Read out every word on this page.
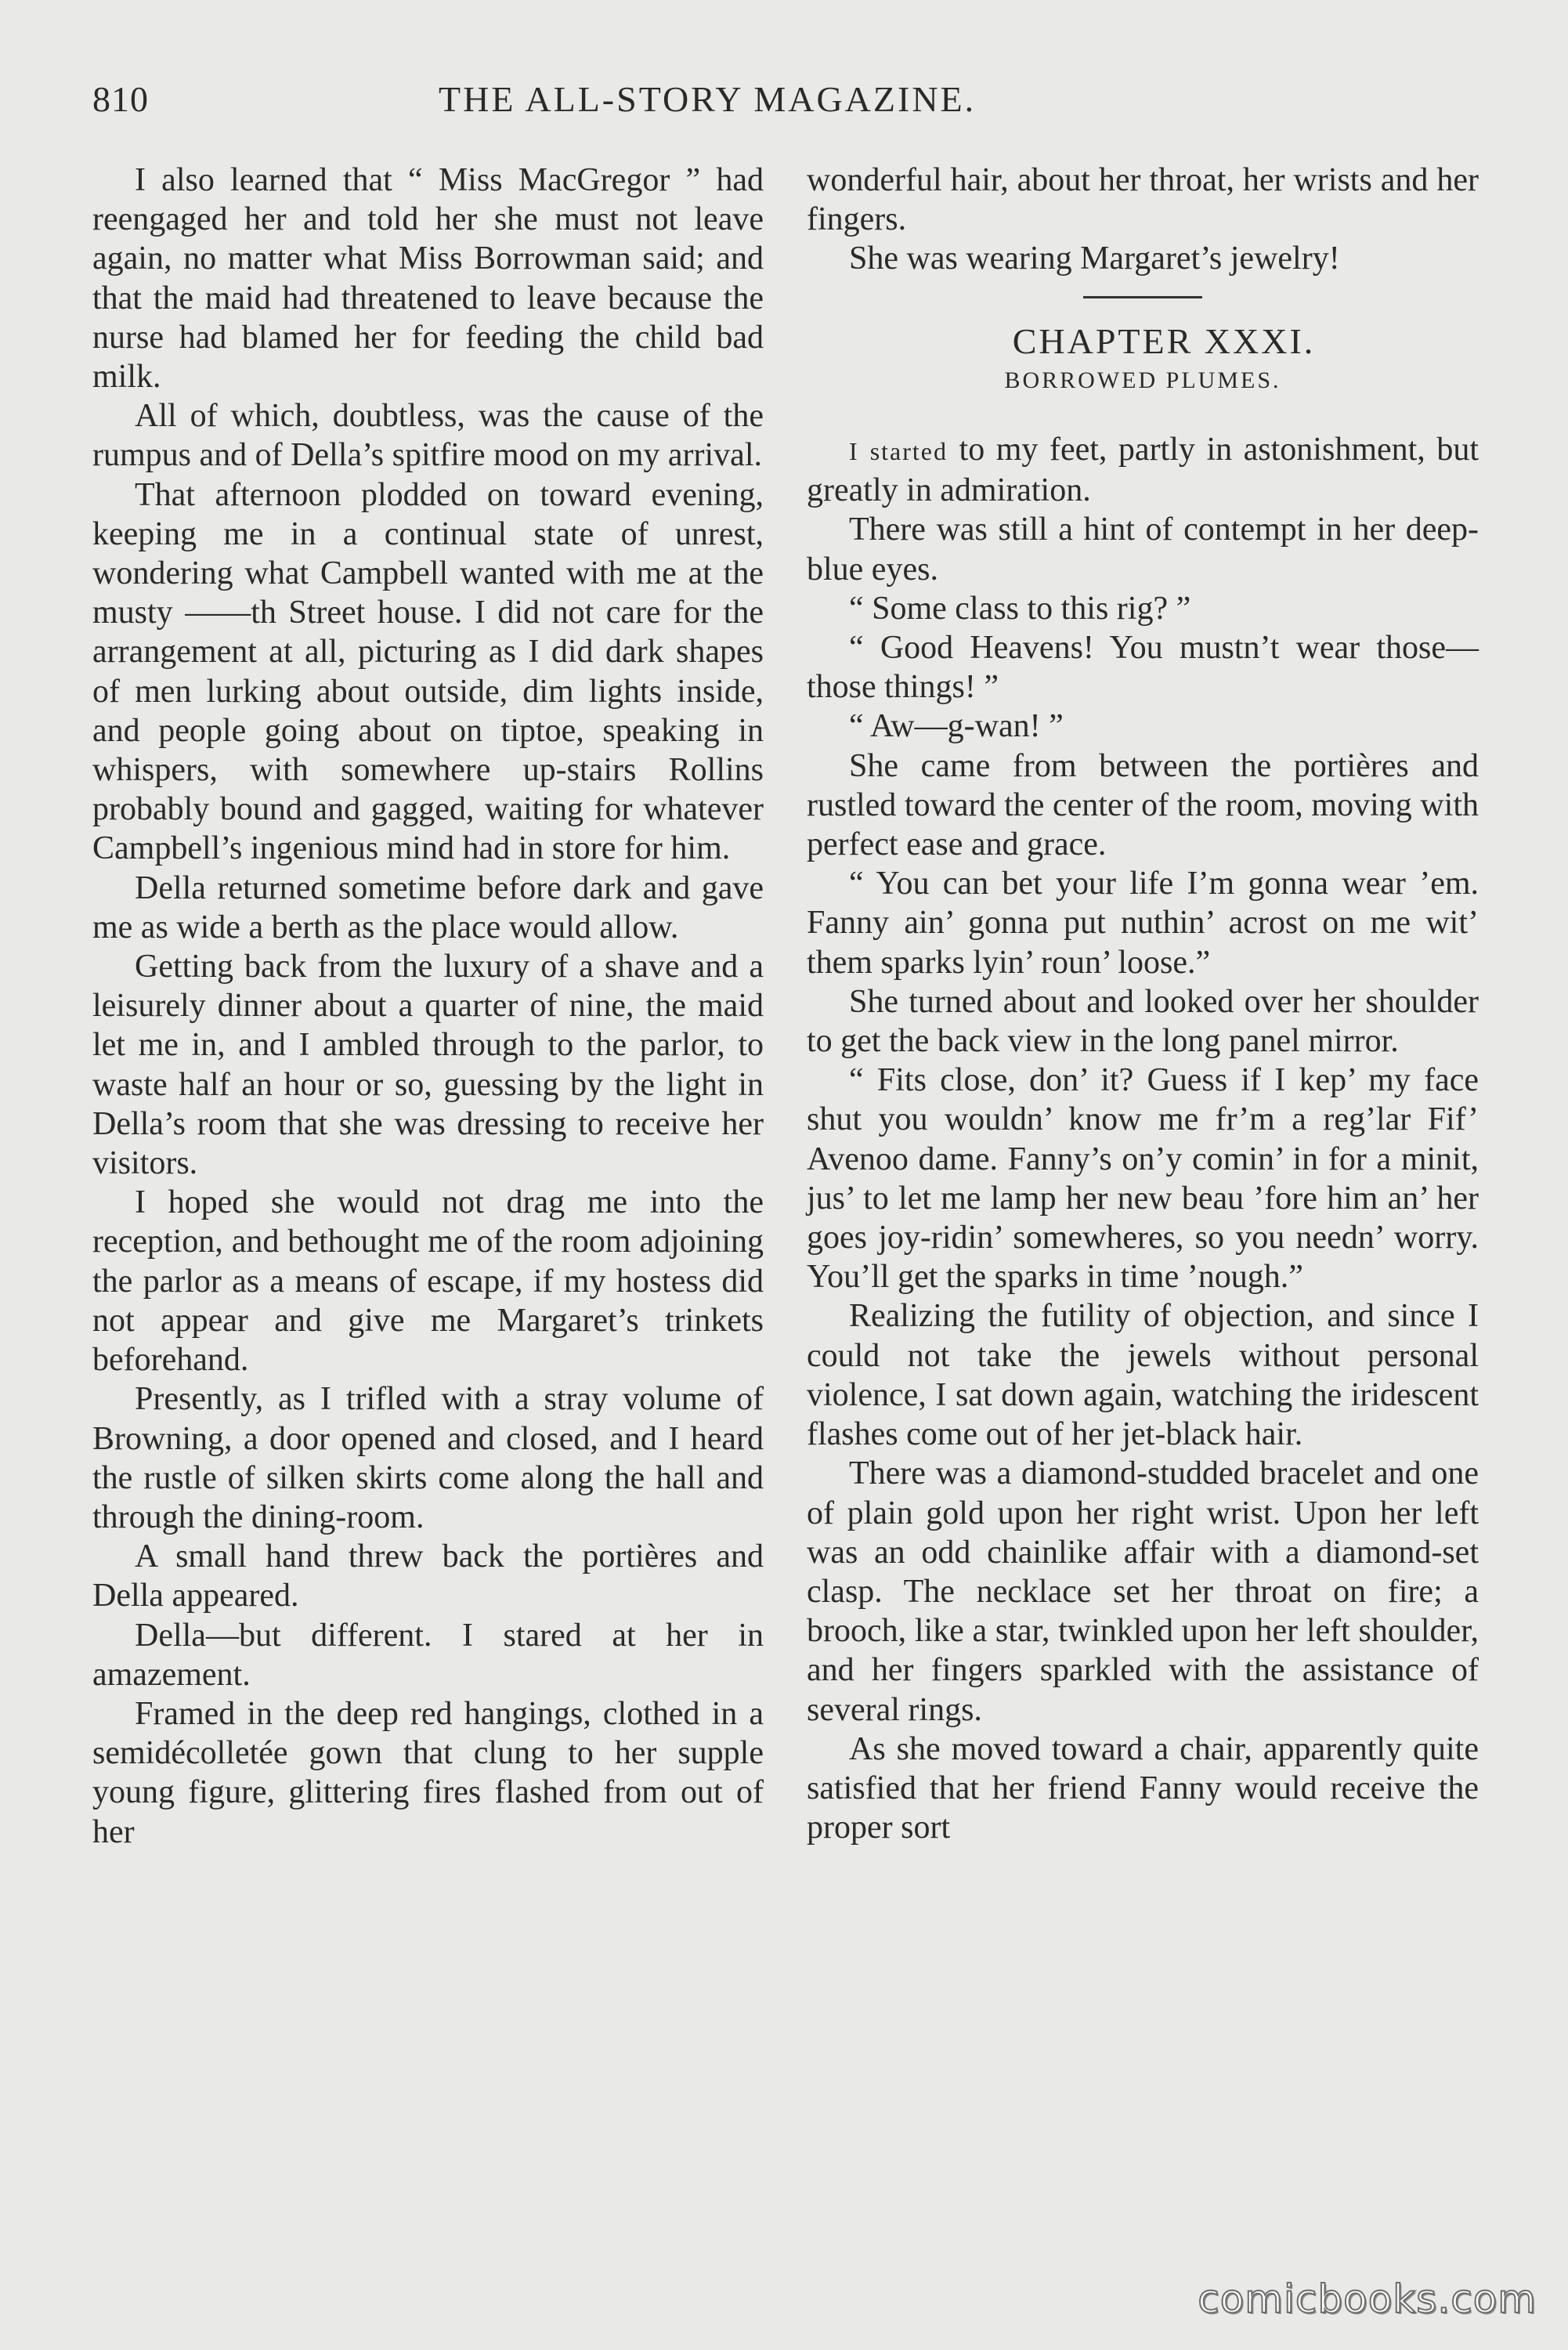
810	THE ALL-STORY MAGAZINE.

I also learned that “ Miss MacGregor ” had reengaged her and told her she must not leave again, no matter what Miss Borrowman said; and that the maid had threatened to leave because the nurse had blamed her for feeding the child bad milk.

All of which, doubtless, was the cause of the rumpus and of Della’s spitfire mood on my arrival.

That afternoon plodded on toward evening, keeping me in a continual state of unrest, wondering what Campbell wanted with me at the musty ——th Street house. I did not care for the arrangement at all, picturing as I did dark shapes of men lurking about outside, dim lights inside, and people going about on tiptoe, speaking in whispers, with somewhere up-stairs Rollins probably bound and gagged, waiting for whatever Campbell’s ingenious mind had in store for him.

Della returned sometime before dark and gave me as wide a berth as the place would allow.

Getting back from the luxury of a shave and a leisurely dinner about a quarter of nine, the maid let me in, and I ambled through to the parlor, to waste half an hour or so, guessing by the light in Della’s room that she was dressing to receive her visitors.

I hoped she would not drag me into the reception, and bethought me of the room adjoining the parlor as a means of escape, if my hostess did not appear and give me Margaret’s trinkets beforehand.

Presently, as I trifled with a stray volume of Browning, a door opened and closed, and I heard the rustle of silken skirts come along the hall and through the dining-room.

A small hand threw back the portières and Della appeared.

Della—but different. I stared at her in amazement.

Framed in the deep red hangings, clothed in a semidécolletée gown that clung to her supple young figure, glittering fires flashed from out of her

wonderful hair, about her throat, her wrists and her fingers.

She was wearing Margaret’s jewelry!

CHAPTER XXXI.

BORROWED PLUMES.

I started to my feet, partly in astonishment, but greatly in admiration.

There was still a hint of contempt in her deep-blue eyes.

“ Some class to this rig? ”

“ Good Heavens! You mustn’t wear those—those things! ”

“ Aw—g-wan! ”

She came from between the portières and rustled toward the center of the room, moving with perfect ease and grace.

“ You can bet your life I’m gonna wear ’em. Fanny ain’ gonna put nuthin’ acrost on me wit’ them sparks lyin’ roun’ loose.”

She turned about and looked over her shoulder to get the back view in the long panel mirror.

“ Fits close, don’ it? Guess if I kep’ my face shut you wouldn’ know me fr’m a reg’lar Fif’ Avenoo dame. Fanny’s on’y comin’ in for a minit, jus’ to let me lamp her new beau ’fore him an’ her goes joy-ridin’ somewheres, so you needn’ worry. You’ll get the sparks in time ’nough.”

Realizing the futility of objection, and since I could not take the jewels without personal violence, I sat down again, watching the iridescent flashes come out of her jet-black hair.

There was a diamond-studded bracelet and one of plain gold upon her right wrist. Upon her left was an odd chainlike affair with a diamond-set clasp. The necklace set her throat on fire; a brooch, like a star, twinkled upon her left shoulder, and her fingers sparkled with the assistance of several rings.

As she moved toward a chair, apparently quite satisfied that her friend Fanny would receive the proper sort

comicbooks.com
